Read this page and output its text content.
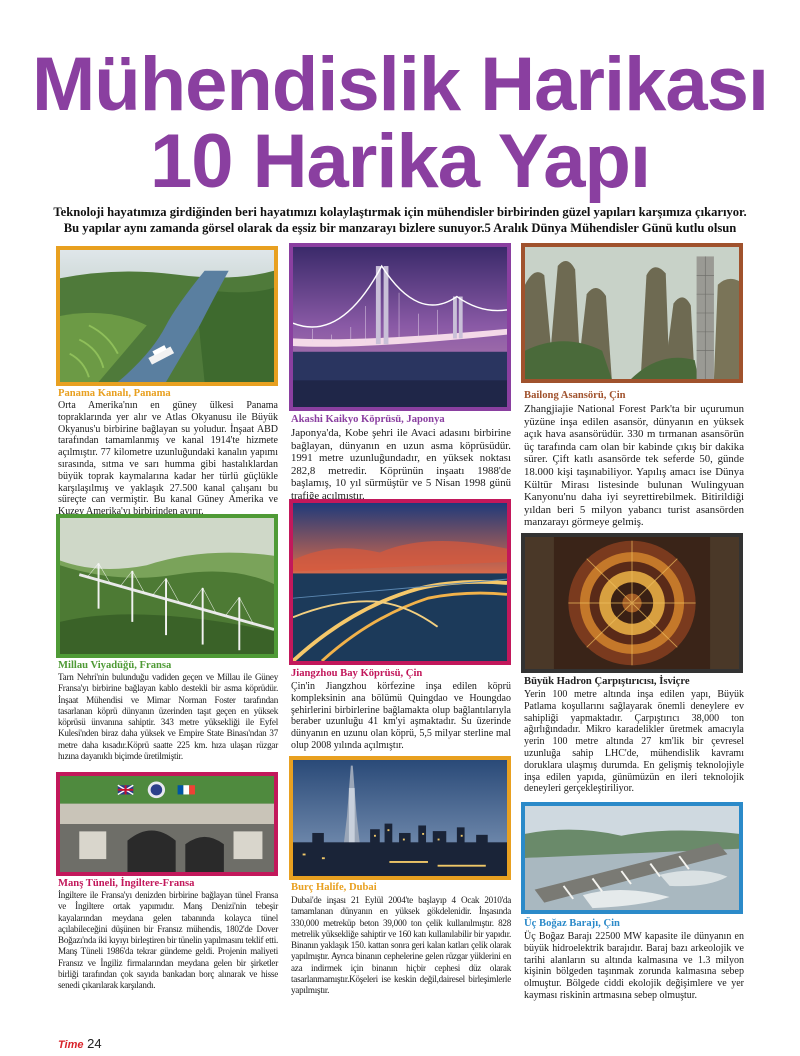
Mühendislik Harikası
10 Harika Yapı
Teknoloji hayatımıza girdiğinden beri hayatımızı kolaylaştırmak için mühendisler birbirinden güzel yapıları karşımıza çıkarıyor.
Bu yapılar aynı zamanda görsel olarak da eşsiz bir manzarayı bizlere sunuyor.5 Aralık Dünya Mühendisler Günü kutlu olsun
Panama Kanalı, Panama
Orta Amerika'nın en güney ülkesi Panama topraklarında yer alır ve Atlas Okyanusu ile Büyük Okyanus'u birbirine bağlayan su yoludur. İnşaat ABD tarafından tamamlanmış ve kanal 1914'te hizmete açılmıştır. 77 kilometre uzunluğundaki kanalın yapımı sırasında, sıtma ve sarı humma gibi hastalıklardan büyük toprak kaymalarına kadar her türlü güçlükle karşılaşılmış ve yaklaşık 27.500 kanal çalışanı bu süreçte can vermiştir. Bu kanal Güney Amerika ve Kuzey Amerika'yı birbirinden ayırır.
Millau Viyadüğü, Fransa
Tarn Nehri'nin bulunduğu vadiden geçen ve Millau ile Güney Fransa'yı birbirine bağlayan kablo destekli bir asma köprüdür. İnşaat Mühendisi ve Mimar Norman Foster tarafından tasarlanan köprü dünyanın üzerinden taşıt geçen en yüksek köprüsü ünvanına sahiptir. 343 metre yüksekliği ile Eyfel Kulesi'nden biraz daha yüksek ve Empire State Binası'ndan 37 metre daha kısadır.Köprü saatte 225 km. hıza ulaşan rüzgar hızına dayanıklı biçimde üretilmiştir.
Manş Tüneli, İngiltere-Fransa
İngiltere ile Fransa'yı denizden birbirine bağlayan tünel Fransa ve İngiltere ortak yapımıdır. Manş Denizi'nin tebeşir kayalarından meydana gelen tabanında kolayca tünel açılabileceğini düşünen bir Fransız mühendis, 1802'de Dover Boğazı'nda iki kıyıyı birleştiren bir tünelin yapılmasını teklif etti. Manş Tüneli 1986'da tekrar gündeme geldi. Projenin maliyeti Fransız ve İngiliz firmalarından meydana gelen bir şirketler birliği tarafından çok sayıda bankadan borç alınarak ve hisse senedi çıkarılarak karşılandı.
Akashi Kaikyo Köprüsü, Japonya
Japonya'da, Kobe şehri ile Avaci adasını birbirine bağlayan, dünyanın en uzun asma köprüsüdür. 1991 metre uzunluğundadır, en yüksek noktası 282,8 metredir. Köprünün inşaatı 1988'de başlamış, 10 yıl sürmüştür ve 5 Nisan 1998 günü trafiğe açılmıştır.
Jiangzhou Bay Köprüsü, Çin
Çin'in Jiangzhou körfezine inşa edilen köprü kompleksinin ana bölümü Quingdao ve Houngdao şehirlerini birbirlerine bağlamakta olup bağlantılarıyla beraber uzunluğu 41 km'yi aşmaktadır. Su üzerinde dünyanın en uzunu olan köprü, 5,5 milyar sterline mal olup 2008 yılında açılmıştır.
Burç Halife, Dubai
Dubai'de inşası 21 Eylül 2004'te başlayıp 4 Ocak 2010'da tamamlanan dünyanın en yüksek gökdelenidir. İnşasında 330,000 metreküp beton 39,000 ton çelik kullanılmıştır. 828 metrelik yüksekliğe sahiptir ve 160 katı kullanılabilir bir yapıdır. Binanın yaklaşık 150. kattan sonra geri kalan katları çelik olarak yapılmıştır. Ayrıca binanın cephelerine gelen rüzgar yüklerini en aza indirmek için binanın hiçbir cephesi düz olarak tasarlanmamıştır.Köşeleri ise keskin değil,dairesel birleşimlerle yapılmıştır.
Bailong Asansörü, Çin
Zhangjiajie National Forest Park'ta bir uçurumun yüzüne inşa edilen asansör, dünyanın en yüksek açık hava asansörüdür. 330 m tırmanan asansörün üç tarafında cam olan bir kabinde çıkış bir dakika sürer. Çift katlı asansörde tek seferde 50, günde 18.000 kişi taşınabiliyor. Yapılış amacı ise Dünya Kültür Mirası listesinde bulunan Wulingyuan Kanyonu'nu daha iyi seyrettirebilmek. Bitirildiği yıldan beri 5 milyon yabancı turist asansörden manzarayı görmeye gelmiş.
Büyük Hadron Çarpıştırıcısı, İsviçre
Yerin 100 metre altında inşa edilen yapı, Büyük Patlama koşullarını sağlayarak önemli deneylere ev sahipliği yapmaktadır. Çarpıştırıcı 38,000 ton ağırlığındadır. Mikro karadelikler üretmek amacıyla yerin 100 metre altında 27 km'lik bir çevresel uzunluğa sahip LHC'de, mühendislik kavramı doruklara ulaşmış durumda. En gelişmiş teknolojiyle inşa edilen yapıda, günümüzün en ileri teknolojik deneyleri gerçekleştiriliyor.
Üç Boğaz Barajı, Çin
Üç Boğaz Barajı 22500 MW kapasite ile dünyanın en büyük hidroelektrik barajıdır. Baraj bazı arkeolojik ve tarihi alanların su altında kalmasına ve 1.3 milyon kişinin bölgeden taşınmak zorunda kalmasına sebep olmuştur. Bölgede ciddi ekolojik değişimlere ve yer kayması riskinin artmasına sebep olmuştur.
Time 24
